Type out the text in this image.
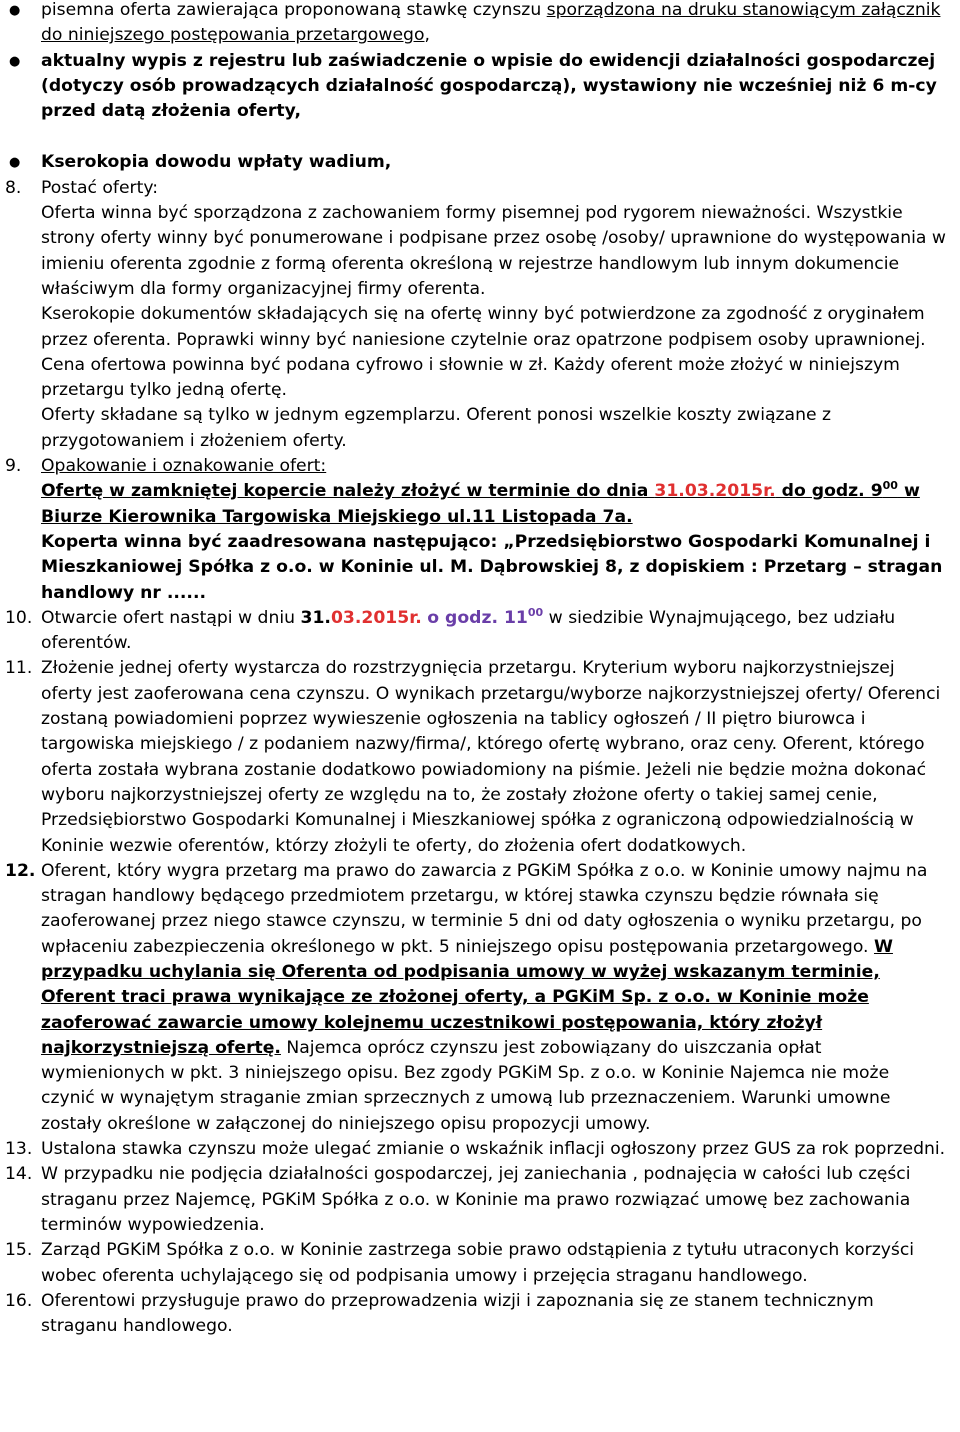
● pisemna oferta zawierająca proponowaną stawkę czynszu sporządzona na druku stanowiącym załącznik do niniejszego postępowania przetargowego,
● aktualny wypis z rejestru lub zaświadczenie o wpisie do ewidencji działalności gospodarczej (dotyczy osób prowadzących działalność gospodarczą), wystawiony nie wcześniej niż 6 m-cy przed datą złożenia oferty,
● Kserokopia dowodu wpłaty wadium,
8. Postać oferty:
Oferta winna być sporządzona z zachowaniem formy pisemnej pod rygorem nieważności. Wszystkie strony oferty winny być ponumerowane i podpisane przez osobę /osoby/ uprawnione do występowania w imieniu oferenta zgodnie z formą oferenta określoną w rejestrze handlowym lub innym dokumencie właściwym dla formy organizacyjnej firmy oferenta.
Kserokopie dokumentów składających się na ofertę winny być potwierdzone za zgodność z oryginałem przez oferenta. Poprawki winny być naniesione czytelnie oraz opatrzone podpisem osoby uprawnionej. Cena ofertowa powinna być podana cyfrowo i słownie w zł. Każdy oferent może złożyć w niniejszym przetargu tylko jedną ofertę.
Oferty składane są tylko w jednym egzemplarzu. Oferent ponosi wszelkie koszty związane z przygotowaniem i złożeniem oferty.
9. Opakowanie i oznakowanie ofert:
Ofertę w zamkniętej kopercie należy złożyć w terminie do dnia 31.03.2015r. do godz. $9^{00}$ w Biurze Kierownika Targowiska Miejskiego ul.11 Listopada 7a.
Koperta winna być zaadresowana następująco: „Przedsiębiorstwo Gospodarki Komunalnej i Mieszkaniowej Spółka z o.o. w Koninie ul. M. Dąbrowskiej 8, z dopiskiem : Przetarg – stragan handlowy nr ......
10. Otwarcie ofert nastąpi w dniu 31.03.2015r. o godz. $11^{00}$ w siedzibie Wynajmującego, bez udziału oferentów.
11. Złożenie jednej oferty wystarcza do rozstrzygnięcia przetargu. Kryterium wyboru najkorzystniejszej oferty jest zaoferowana cena czynszu. O wynikach przetargu/wyborze najkorzystniejszej oferty/ Oferenci zostaną powiadomieni poprzez wywieszenie ogłoszenia na tablicy ogłoszeń / II piętro biurowca i targowiska miejskiego / z podaniem nazwy/firma/, którego ofertę wybrano, oraz ceny. Oferent, którego oferta została wybrana zostanie dodatkowo powiadomiony na piśmie. Jeżeli nie będzie można dokonać wyboru najkorzystniejszej oferty ze względu na to, że zostały złożone oferty o takiej samej cenie, Przedsiębiorstwo Gospodarki Komunalnej i Mieszkaniowej spółka z ograniczoną odpowiedzialnością w Koninie wezwie oferentów, którzy złożyli te oferty, do złożenia ofert dodatkowych.
12. Oferent, który wygra przetarg ma prawo do zawarcia z PGKiM Spółka z o.o. w Koninie umowy najmu na stragan handlowy będącego przedmiotem przetargu, w której stawka czynszu będzie równała się zaoferowanej przez niego stawce czynszu, w terminie 5 dni od daty ogłoszenia o wyniku przetargu, po wpłaceniu zabezpieczenia określonego w pkt. 5 niniejszego opisu postępowania przetargowego. W przypadku uchylania się Oferenta od podpisania umowy w wyżej wskazanym terminie, Oferent traci prawa wynikające ze złożonej oferty, a PGKiM Sp. z o.o. w Koninie może zaoferować zawarcie umowy kolejnemu uczestnikowi postępowania, który złożył najkorzystniejszą ofertę. Najemca oprócz czynszu jest zobowiązany do uiszczania opłat wymienionych w pkt. 3 niniejszego opisu. Bez zgody PGKiM Sp. z o.o. w Koninie Najemca nie może czynić w wynajętym straganie zmian sprzecznych z umową lub przeznaczeniem. Warunki umowne zostały określone w załączonej do niniejszego opisu propozycji umowy.
13. Ustalona stawka czynszu może ulegać zmianie o wskaźnik inflacji ogłoszony przez GUS za rok poprzedni.
14. W przypadku nie podjęcia działalności gospodarczej, jej zaniechania , podnajęcia w całości lub części straganu przez Najemcę, PGKiM Spółka z o.o. w Koninie ma prawo rozwiązać umowę bez zachowania terminów wypowiedzenia.
15. Zarząd PGKiM Spółka z o.o. w Koninie zastrzega sobie prawo odstąpienia z tytułu utraconych korzyści wobec oferenta uchylającego się od podpisania umowy i przejęcia straganu handlowego.
16. Oferentowi przysługuje prawo do przeprowadzenia wizji i zapoznania się ze stanem technicznym straganu handlowego.
